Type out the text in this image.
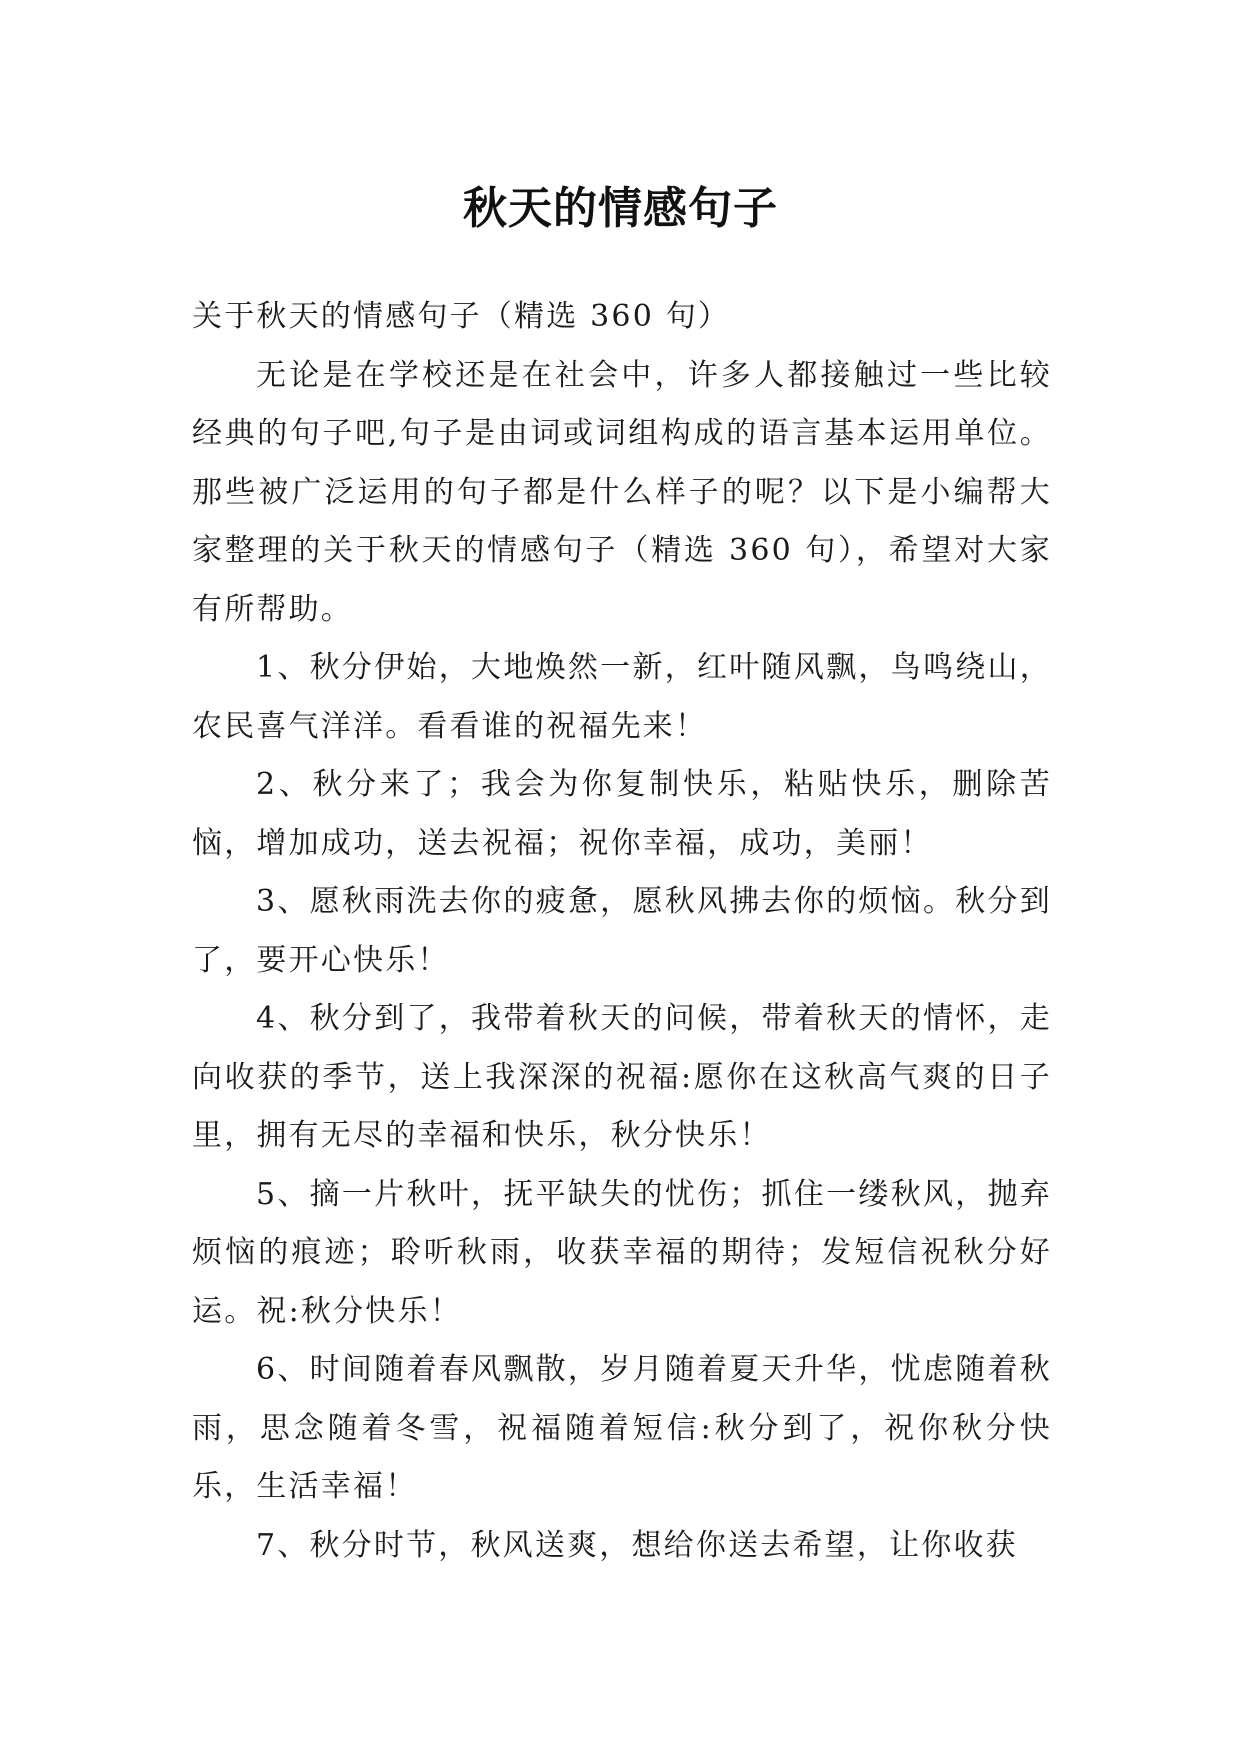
秋天的情感句子

关于秋天的情感句子（精选 360 句）

无论是在学校还是在社会中，许多人都接触过一些比较经典的句子吧,句子是由词或词组构成的语言基本运用单位。那些被广泛运用的句子都是什么样子的呢？以下是小编帮大家整理的关于秋天的情感句子（精选 360 句），希望对大家有所帮助。

1、秋分伊始，大地焕然一新，红叶随风飘，鸟鸣绕山，农民喜气洋洋。看看谁的祝福先来！

2、秋分来了；我会为你复制快乐，粘贴快乐，删除苦恼，增加成功，送去祝福；祝你幸福，成功，美丽！

3、愿秋雨洗去你的疲惫，愿秋风拂去你的烦恼。秋分到了，要开心快乐！

4、秋分到了，我带着秋天的问候，带着秋天的情怀，走向收获的季节，送上我深深的祝福:愿你在这秋高气爽的日子里，拥有无尽的幸福和快乐，秋分快乐！

5、摘一片秋叶，抚平缺失的忧伤；抓住一缕秋风，抛弃烦恼的痕迹；聆听秋雨，收获幸福的期待；发短信祝秋分好运。祝:秋分快乐！

6、时间随着春风飘散，岁月随着夏天升华，忧虑随着秋雨，思念随着冬雪，祝福随着短信:秋分到了，祝你秋分快乐，生活幸福！

7、秋分时节，秋风送爽，想给你送去希望，让你收获
